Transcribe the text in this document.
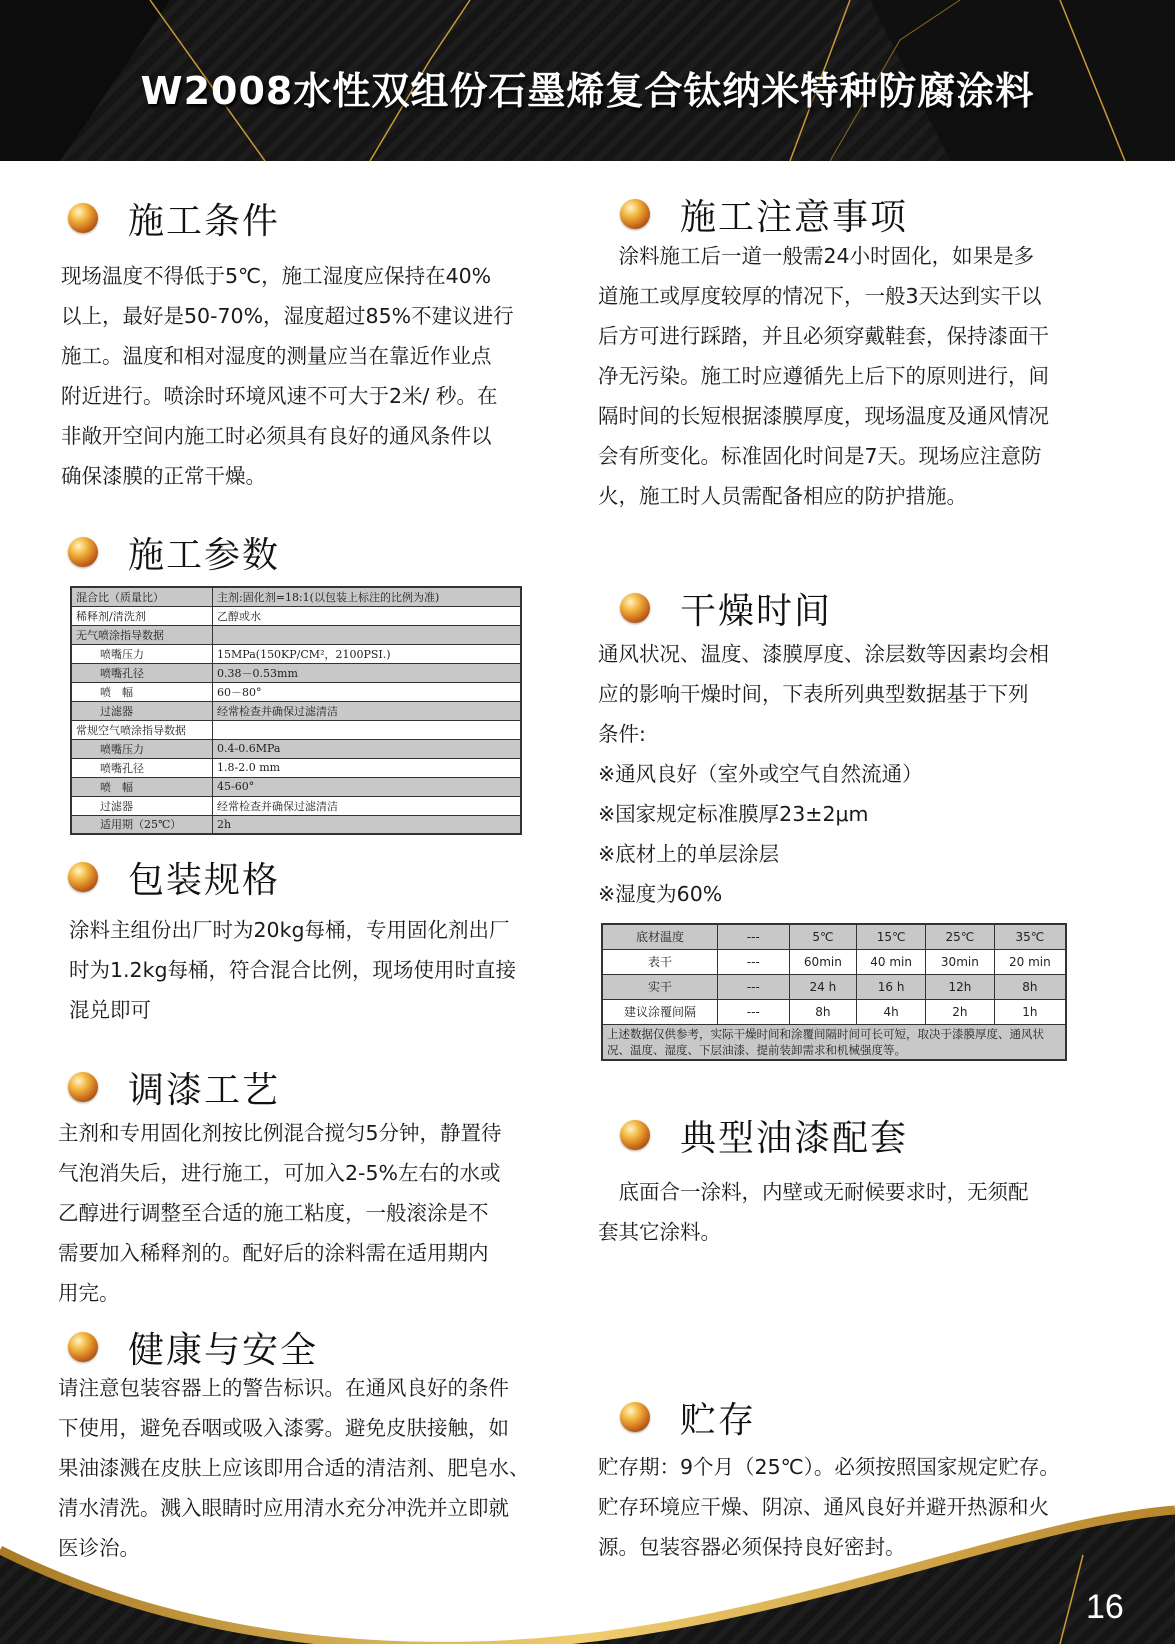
W2008水性双组份石墨烯复合钛纳米特种防腐涂料
施工条件
现场温度不得低于5℃，施工湿度应保持在40%
以上，最好是50-70%，湿度超过85%不建议进行
施工。温度和相对湿度的测量应当在靠近作业点
附近进行。喷涂时环境风速不可大于2米/ 秒。在
非敞开空间内施工时必须具有良好的通风条件以
确保漆膜的正常干燥。
施工参数
混合比（质量比）	主剂:固化剂=18:1(以包装上标注的比例为准)
稀释剂/清洗剂	乙醇或水
无气喷涂指导数据	
喷嘴压力	15MPa(150KP/CM²，2100PSI.)
喷嘴孔径	0.38－0.53mm
喷　幅	60－80°
过滤器	经常检查并确保过滤清洁
常规空气喷涂指导数据	
喷嘴压力	0.4-0.6MPa
喷嘴孔径	1.8-2.0 mm
喷　幅	45-60°
过滤器	经常检查并确保过滤清洁
适用期（25℃）	2h
包装规格
涂料主组份出厂时为20kg每桶，专用固化剂出厂
时为1.2kg每桶，符合混合比例，现场使用时直接
混兑即可
调漆工艺
主剂和专用固化剂按比例混合搅匀5分钟，静置待
气泡消失后，进行施工，可加入2-5%左右的水或
乙醇进行调整至合适的施工粘度，一般滚涂是不
需要加入稀释剂的。配好后的涂料需在适用期内
用完。
健康与安全
请注意包装容器上的警告标识。在通风良好的条件
下使用，避免吞咽或吸入漆雾。避免皮肤接触，如
果油漆溅在皮肤上应该即用合适的清洁剂、肥皂水、
清水清洗。溅入眼睛时应用清水充分冲洗并立即就
医诊治。
施工注意事项
　涂料施工后一道一般需24小时固化，如果是多
道施工或厚度较厚的情况下，一般3天达到实干以
后方可进行踩踏，并且必须穿戴鞋套，保持漆面干
净无污染。施工时应遵循先上后下的原则进行，间
隔时间的长短根据漆膜厚度，现场温度及通风情况
会有所变化。标准固化时间是7天。现场应注意防
火，施工时人员需配备相应的防护措施。
干燥时间
通风状况、温度、漆膜厚度、涂层数等因素均会相
应的影响干燥时间，下表所列典型数据基于下列
条件:
※通风良好（室外或空气自然流通）
※国家规定标准膜厚23±2μm
※底材上的单层涂层
※湿度为60%
底材温度	---	5℃	15℃	25℃	35℃
表干	---	60min	40 min	30min	20 min
实干	---	24 h	16 h	12h	8h
建议涂覆间隔	---	8h	4h	2h	1h
上述数据仅供参考，实际干燥时间和涂覆间隔时间可长可短，取决于漆膜厚度、通风状况、温度、湿度、下层油漆、提前装卸需求和机械强度等。					
典型油漆配套
　底面合一涂料，内壁或无耐候要求时，无须配
套其它涂料。
贮存
贮存期：9个月（25℃）。必须按照国家规定贮存。
贮存环境应干燥、阴凉、通风良好并避开热源和火
源。包装容器必须保持良好密封。
16
